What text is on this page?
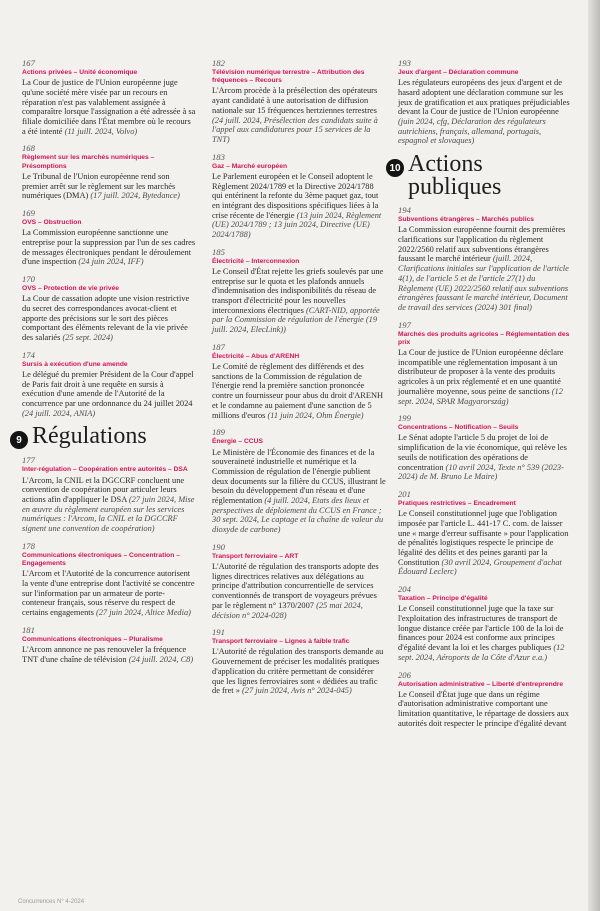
167
Actions privées – Unité économique
La Cour de justice de l'Union européenne juge qu'une société mère visée par un recours en réparation n'est pas valablement assignée à comparaître lorsque l'assignation a été adressée à sa filiale domiciliée dans l'État membre où le recours a été intenté (11 juill. 2024, Volvo)
168
Règlement sur les marchés numériques – Présomptions
Le Tribunal de l'Union européenne rend son premier arrêt sur le règlement sur les marchés numériques (DMA) (17 juill. 2024, Bytedance)
169
OVS – Obstruction
La Commission européenne sanctionne une entreprise pour la suppression par l'un de ses cadres de messages électroniques pendant le déroulement d'une inspection (24 juin 2024, IFF)
170
OVS – Protection de vie privée
La Cour de cassation adopte une vision restrictive du secret des correspondances avocat-client et apporte des précisions sur le sort des pièces comportant des éléments relevant de la vie privée des salariés (25 sept. 2024)
174
Sursis à exécution d'une amende
Le délégué du premier Président de la Cour d'appel de Paris fait droit à une requête en sursis à exécution d'une amende de l'Autorité de la concurrence par une ordonnance du 24 juillet 2024 (24 juill. 2024, ANIA)
9 Régulations
177
Inter-régulation – Coopération entre autorités – DSA
L'Arcom, la CNIL et la DGCCRF concluent une convention de coopération pour articuler leurs actions afin d'appliquer le DSA (27 juin 2024, Mise en œuvre du règlement européen sur les services numériques : l'Arcom, la CNIL et la DGCCRF signent une convention de coopération)
178
Communications électroniques – Concentration – Engagements
L'Arcom et l'Autorité de la concurrence autorisent la vente d'une entreprise dont l'activité se concentre sur l'information par un armateur de porte-conteneur français, sous réserve du respect de certains engagements (27 juin 2024, Altice Media)
181
Communications électroniques – Pluralisme
L'Arcom annonce ne pas renouveler la fréquence TNT d'une chaîne de télévision (24 juill. 2024, C8)
182
Télévision numérique terrestre – Attribution des fréquences – Recours
L'Arcom procède à la présélection des opérateurs ayant candidaté à une autorisation de diffusion nationale sur 15 fréquences hertziennes terrestres (24 juill. 2024, Présélection des candidats suite à l'appel aux candidatures pour 15 services de la TNT)
183
Gaz – Marché européen
Le Parlement européen et le Conseil adoptent le Règlement 2024/1789 et la Directive 2024/1788 qui entérinent la refonte du 3ème paquet gaz, tout en intégrant des dispositions spécifiques liées à la crise récente de l'énergie (13 juin 2024, Règlement (UE) 2024/1789 ; 13 juin 2024, Directive (UE) 2024/1788)
185
Électricité – Interconnexion
Le Conseil d'État rejette les griefs soulevés par une entreprise sur le quota et les plafonds annuels d'indemnisation des indisponibilités du réseau de transport d'électricité pour les nouvelles interconnexions électriques (CART-NID, apportée par la Commission de régulation de l'énergie (19 juill. 2024, ElecLink))
187
Électricité – Abus d'ARENH
Le Comité de règlement des différends et des sanctions de la Commission de régulation de l'énergie rend la première sanction prononcée contre un fournisseur pour abus du droit d'ARENH et le condamne au paiement d'une sanction de 5 millions d'euros (11 juin 2024, Ohm Énergie)
189
Énergie – CCUS
Le Ministère de l'Économie des finances et de la souveraineté industrielle et numérique et la Commission de régulation de l'énergie publient deux documents sur la filière du CCUS, illustrant le besoin du développement d'un réseau et d'une réglementation (4 juill. 2024, Etats des lieux et perspectives de déploiement du CCUS en France ; 30 sept. 2024, Le captage et la chaîne de valeur du dioxyde de carbone)
190
Transport ferroviaire – ART
L'Autorité de régulation des transports adopte des lignes directrices relatives aux délégations au principe d'attribution concurrentielle de services conventionnés de transport de voyageurs prévues par le règlement n° 1370/2007 (25 mai 2024, décision n° 2024-028)
191
Transport ferroviaire – Lignes à faible trafic
L'Autorité de régulation des transports demande au Gouvernement de préciser les modalités pratiques d'application du critère permettant de considérer que les lignes ferroviaires sont « dédiées au trafic de fret » (27 juin 2024, Avis n° 2024-045)
193
Jeux d'argent – Déclaration commune
Les régulateurs européens des jeux d'argent et de hasard adoptent une déclaration commune sur les jeux de gratification et aux pratiques préjudiciables devant la Cour de justice de l'Union européenne (juin 2024, cfg, Déclaration des régulateurs autrichiens, français, allemand, portugais, espagnol et slovaques)
10 Actions publiques
194
Subventions étrangères – Marchés publics
La Commission européenne fournit des premières clarifications sur l'application du règlement 2022/2560 relatif aux subventions étrangères faussant le marché intérieur (juill. 2024, Clarifications initiales sur l'application de l'article 4(1), de l'article 5 et de l'article 27(1) du Règlement (UE) 2022/2560 relatif aux subventions étrangères faussant le marché intérieur, Document de travail des services (2024) 301 final)
197
Marchés des produits agricoles – Réglementation des prix
La Cour de justice de l'Union européenne déclare incompatible une réglementation imposant à un distributeur de proposer à la vente des produits agricoles à un prix réglementé et en une quantité journalière moyenne, sous peine de sanctions (12 sept. 2024, SPAR Magyarország)
199
Concentrations – Notification – Seuils
Le Sénat adopte l'article 5 du projet de loi de simplification de la vie économique, qui relève les seuils de notification des opérations de concentration (10 avril 2024, Texte n° 539 (2023-2024) de M. Bruno Le Maire)
201
Pratiques restrictives – Encadrement
Le Conseil constitutionnel juge que l'obligation imposée par l'article L. 441-17 C. com. de laisser une « marge d'erreur suffisante » pour l'application de pénalités logistiques respecte le principe de légalité des délits et des peines garanti par la Constitution (30 avril 2024, Groupement d'achat Édouard Leclerc)
204
Taxation – Principe d'égalité
Le Conseil constitutionnel juge que la taxe sur l'exploitation des infrastructures de transport de longue distance créée par l'article 100 de la loi de finances pour 2024 est conforme aux principes d'égalité devant la loi et les charges publiques (12 sept. 2024, Aéroports de la Côte d'Azur e.a.)
206
Autorisation administrative – Liberté d'entreprendre
Le Conseil d'État juge que dans un régime d'autorisation administrative comportant une limitation quantitative, le répartage de dossiers aux autorités doit respecter le principe d'égalité devant
Concurrences N° 4-2024
